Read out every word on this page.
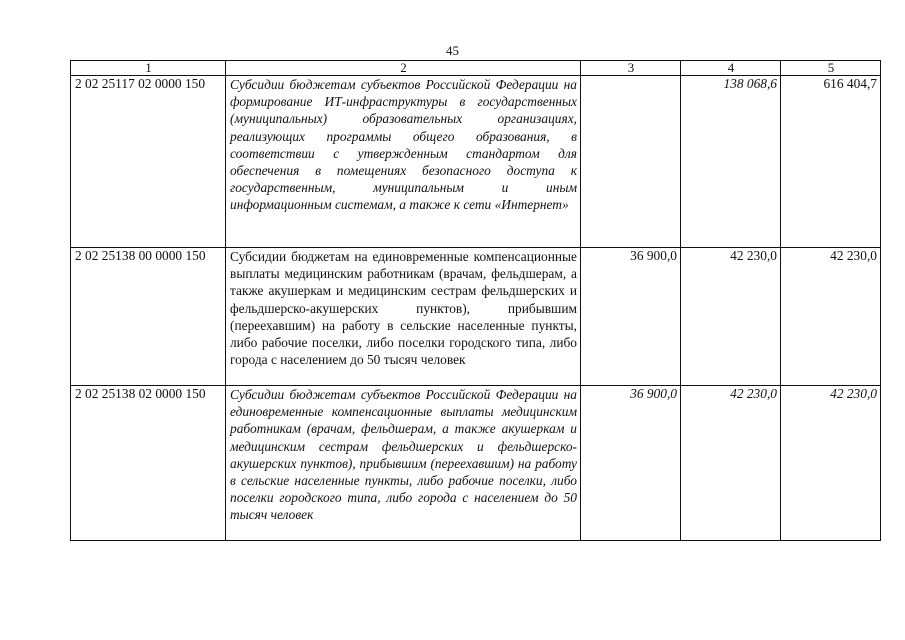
45
1	2	3	4	5
2 02 25117 02 0000 150	Субсидии бюджетам субъектов Российской Федерации на формирование ИТ-инфраструктуры в государственных (муниципальных) образовательных организациях, реализующих программы общего образования, в соответствии с утвержденным стандартом для обеспечения в помещениях безопасного доступа к государственным, муниципальным и иным информационным системам, а также к сети «Интернет»		138 068,6	616 404,7
2 02 25138 00 0000 150	Субсидии бюджетам на единовременные компенсационные выплаты медицинским работникам (врачам, фельдшерам, а также акушеркам и медицинским сестрам фельдшерских и фельдшерско-акушерских пунктов), прибывшим (переехавшим) на работу в сельские населенные пункты, либо рабочие поселки, либо поселки городского типа, либо города с населением до 50 тысяч человек	36 900,0	42 230,0	42 230,0
2 02 25138 02 0000 150	Субсидии бюджетам субъектов Российской Федерации на единовременные компенсационные выплаты медицинским работникам (врачам, фельдшерам, а также акушеркам и медицинским сестрам фельдшерских и фельдшерско-акушерских пунктов), прибывшим (переехавшим) на работу в сельские населенные пункты, либо рабочие поселки, либо поселки городского типа, либо города с населением до 50 тысяч человек	36 900,0	42 230,0	42 230,0
